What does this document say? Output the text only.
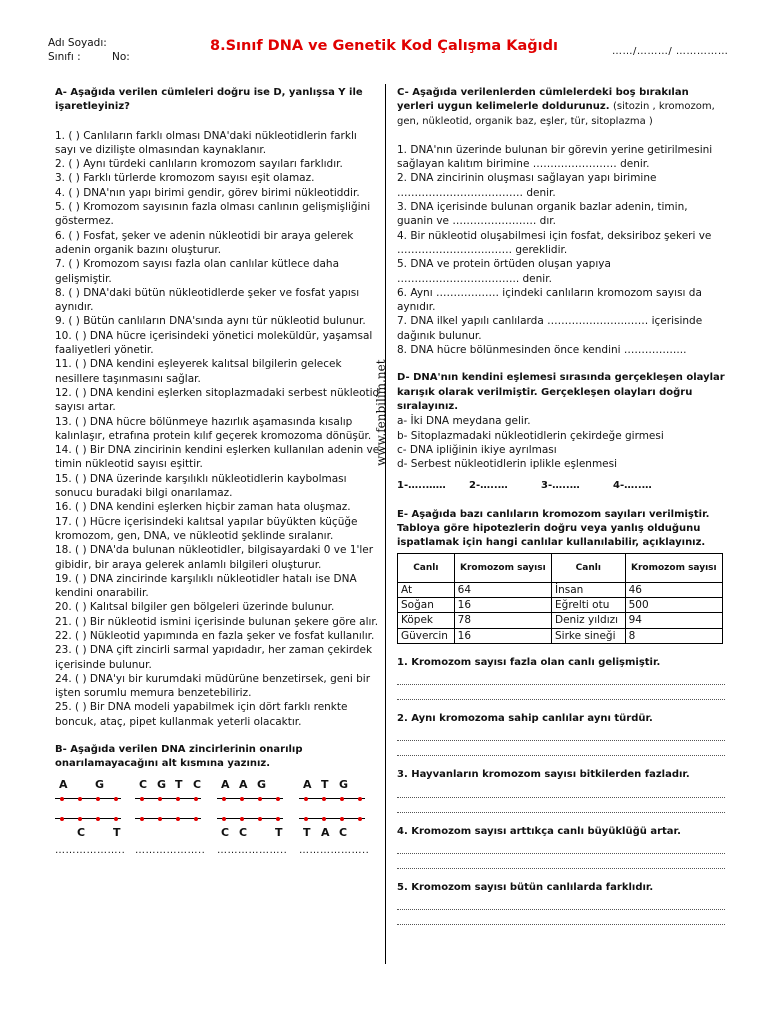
Adı Soyadı:
Sınıfı :	No:
8.Sınıf DNA ve Genetik Kod Çalışma Kağıdı	……/………/ ……………
www.fenbilim.net
A- Aşağıda verilen cümleleri doğru ise D, yanlışsa Y ile işaretleyiniz?
1. ( ) Canlıların farklı olması DNA'daki nükleotidlerin farklı sayı ve dizilişte olmasından kaynaklanır.
2. ( ) Aynı türdeki canlıların kromozom sayıları farklıdır.
3. ( ) Farklı türlerde kromozom sayısı eşit olamaz.
4. ( ) DNA'nın yapı birimi gendir, görev birimi nükleotiddir.
5. ( ) Kromozom sayısının fazla olması canlının gelişmişliğini göstermez.
6. ( ) Fosfat, şeker ve adenin nükleotidi bir araya gelerek adenin organik bazını oluşturur.
7. ( ) Kromozom sayısı fazla olan canlılar kütlece daha gelişmiştir.
8. ( ) DNA'daki bütün nükleotidlerde şeker ve fosfat yapısı aynıdır.
9. ( ) Bütün canlıların DNA'sında aynı tür nükleotid bulunur.
10. ( ) DNA hücre içerisindeki yönetici moleküldür, yaşamsal faaliyetleri yönetir.
11. ( ) DNA kendini eşleyerek kalıtsal bilgilerin gelecek nesillere taşınmasını sağlar.
12. ( ) DNA kendini eşlerken sitoplazmadaki serbest nükleotid sayısı artar.
13. ( ) DNA hücre bölünmeye hazırlık aşamasında kısalıp kalınlaşır, etrafına protein kılıf geçerek kromozoma dönüşür.
14. ( ) Bir DNA zincirinin kendini eşlerken kullanılan adenin ve timin nükleotid sayısı eşittir.
15. ( ) DNA üzerinde karşılıklı nükleotidlerin kaybolması sonucu buradaki bilgi onarılamaz.
16. ( ) DNA kendini eşlerken hiçbir zaman hata oluşmaz.
17. ( ) Hücre içerisindeki kalıtsal yapılar büyükten küçüğe kromozom, gen, DNA, ve nükleotid şeklinde sıralanır.
18. ( ) DNA'da bulunan nükleotidler, bilgisayardaki 0 ve 1'ler gibidir, bir araya gelerek anlamlı bilgileri oluşturur.
19. ( ) DNA zincirinde karşılıklı nükleotidler hatalı ise DNA kendini onarabilir.
20. ( ) Kalıtsal bilgiler gen bölgeleri üzerinde bulunur.
21. ( ) Bir nükleotid ismini içerisinde bulunan şekere göre alır.
22. ( ) Nükleotid yapımında en fazla şeker ve fosfat kullanılır.
23. ( ) DNA çift zincirli sarmal yapıdadır, her zaman çekirdek içerisinde bulunur.
24. ( ) DNA'yı bir kurumdaki müdürüne benzetirsek, geni bir işten sorumlu memura benzetebiliriz.
25. ( ) Bir DNA modeli yapabilmek için dört farklı renkte boncuk, ataç, pipet kullanmak yeterli olacaktır.
B- Aşağıda verilen DNA zincirlerinin onarılıp onarılamayacağını alt kısmına yazınız.
A G
C	T
………………..
C G T C
………………..
A A G
C C	T
………………..
A T G
T A C
………………..
C- Aşağıda verilenlerden cümlelerdeki boş bırakılan yerleri uygun kelimelerle doldurunuz. (sitozin , kromozom, gen, nükleotid, organik baz, eşler, tür, sitoplazma )
1. DNA'nın üzerinde bulunan bir görevin yerine getirilmesini sağlayan kalıtım birimine …………………… denir.
2. DNA zincirinin oluşması sağlayan yapı birimine ……………………………… denir.
3. DNA içerisinde bulunan organik bazlar adenin, timin, guanin ve …………………… dır.
4. Bir nükleotid oluşabilmesi için fosfat, deksiriboz şekeri ve ……………………..……. gereklidir.
5. DNA ve protein örtüden oluşan yapıya …………………………….. denir.
6. Aynı ……………… içindeki canlıların kromozom sayısı da aynıdır.
7. DNA ilkel yapılı canlılarda …………………..…… içerisinde dağınık bulunur.
8. DNA hücre bölünmesinden önce kendini ……………...
D- DNA'nın kendini eşlemesi sırasında gerçekleşen olaylar karışık olarak verilmiştir. Gerçekleşen olayları doğru sıralayınız.
a- İki DNA meydana gelir.
b- Sitoplazmadaki nükleotidlerin çekirdeğe girmesi
c- DNA ipliğinin ikiye ayrılması
d- Serbest nükleotidlerin iplikle eşlenmesi
1-…..……	2-…..…	3-…..…	4-…..…
E- Aşağıda bazı canlıların kromozom sayıları verilmiştir. Tabloya göre hipotezlerin doğru veya yanlış olduğunu ispatlamak için hangi canlılar kullanılabilir, açıklayınız.
Canlı	Kromozom sayısı	Canlı	Kromozom sayısı
At	64	İnsan	46
Soğan	16	Eğrelti otu	500
Köpek	78	Deniz yıldızı	94
Güvercin	16	Sirke sineği	8
1. Kromozom sayısı fazla olan canlı gelişmiştir.
2. Aynı kromozoma sahip canlılar aynı türdür.
3. Hayvanların kromozom sayısı bitkilerden fazladır.
4. Kromozom sayısı arttıkça canlı büyüklüğü artar.
5. Kromozom sayısı bütün canlılarda farklıdır.
